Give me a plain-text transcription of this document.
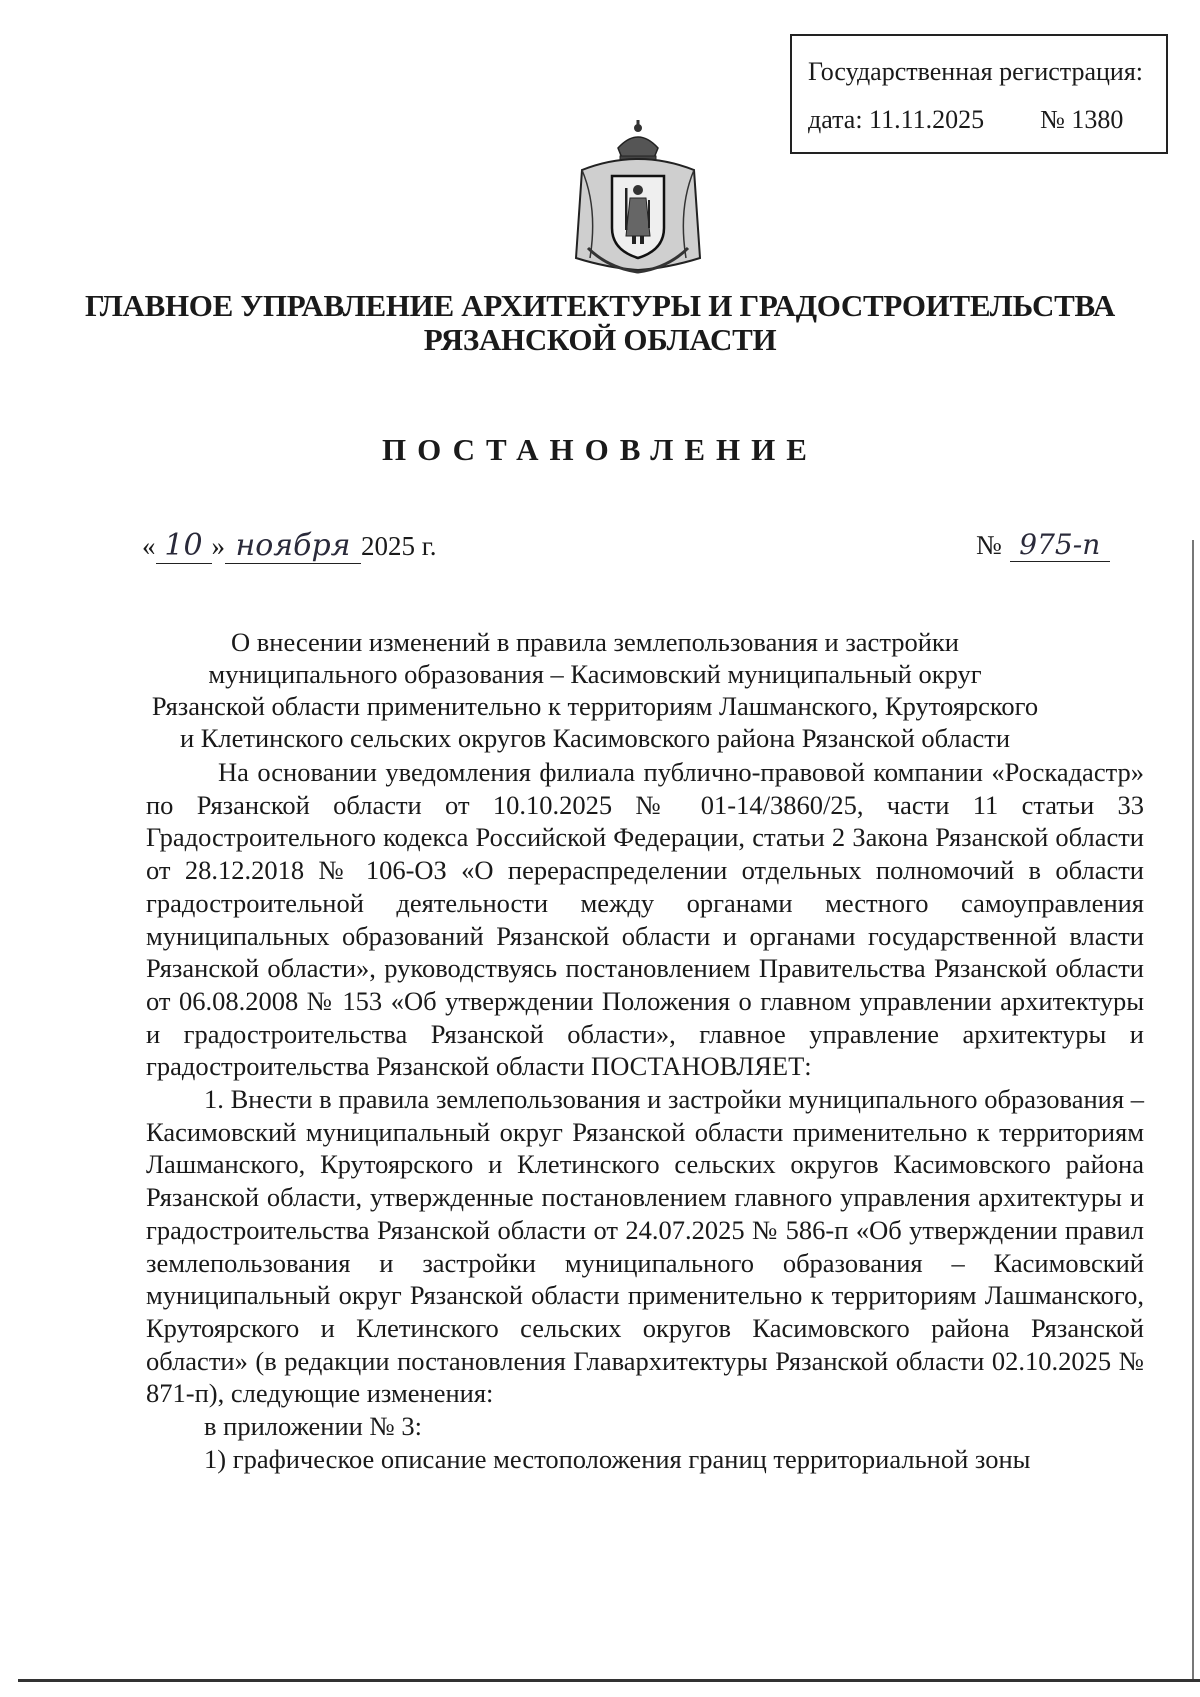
Государственная регистрация:
дата: 11.11.2025 № 1380
ГЛАВНОЕ УПРАВЛЕНИЕ АРХИТЕКТУРЫ И ГРАДОСТРОИТЕЛЬСТВА
РЯЗАНСКОЙ ОБЛАСТИ
ПОСТАНОВЛЕНИЕ
« 10 » ноября 2025 г.	№ 975-п
О внесении изменений в правила землепользования и застройки муниципального образования – Касимовский муниципальный округ Рязанской области применительно к территориям Лашманского, Крутоярского и Клетинского сельских округов Касимовского района Рязанской области

На основании уведомления филиала публично-правовой компании «Роскадастр» по Рязанской области от 10.10.2025 № 01-14/3860/25, части 11 статьи 33 Градостроительного кодекса Российской Федерации, статьи 2 Закона Рязанской области от 28.12.2018 № 106-ОЗ «О перераспределении отдельных полномочий в области градостроительной деятельности между органами местного самоуправления муниципальных образований Рязанской области и органами государственной власти Рязанской области», руководствуясь постановлением Правительства Рязанской области от 06.08.2008 № 153 «Об утверждении Положения о главном управлении архитектуры и градостроительства Рязанской области», главное управление архитектуры и градостроительства Рязанской области ПОСТАНОВЛЯЕТ:

1. Внести в правила землепользования и застройки муниципального образования – Касимовский муниципальный округ Рязанской области применительно к территориям Лашманского, Крутоярского и Клетинского сельских округов Касимовского района Рязанской области, утвержденные постановлением главного управления архитектуры и градостроительства Рязанской области от 24.07.2025 № 586-п «Об утверждении правил землепользования и застройки муниципального образования – Касимовский муниципальный округ Рязанской области применительно к территориям Лашманского, Крутоярского и Клетинского сельских округов Касимовского района Рязанской области» (в редакции постановления Главархитектуры Рязанской области 02.10.2025 № 871-п), следующие изменения:

в приложении № 3:

1) графическое описание местоположения границ территориальной зоны
